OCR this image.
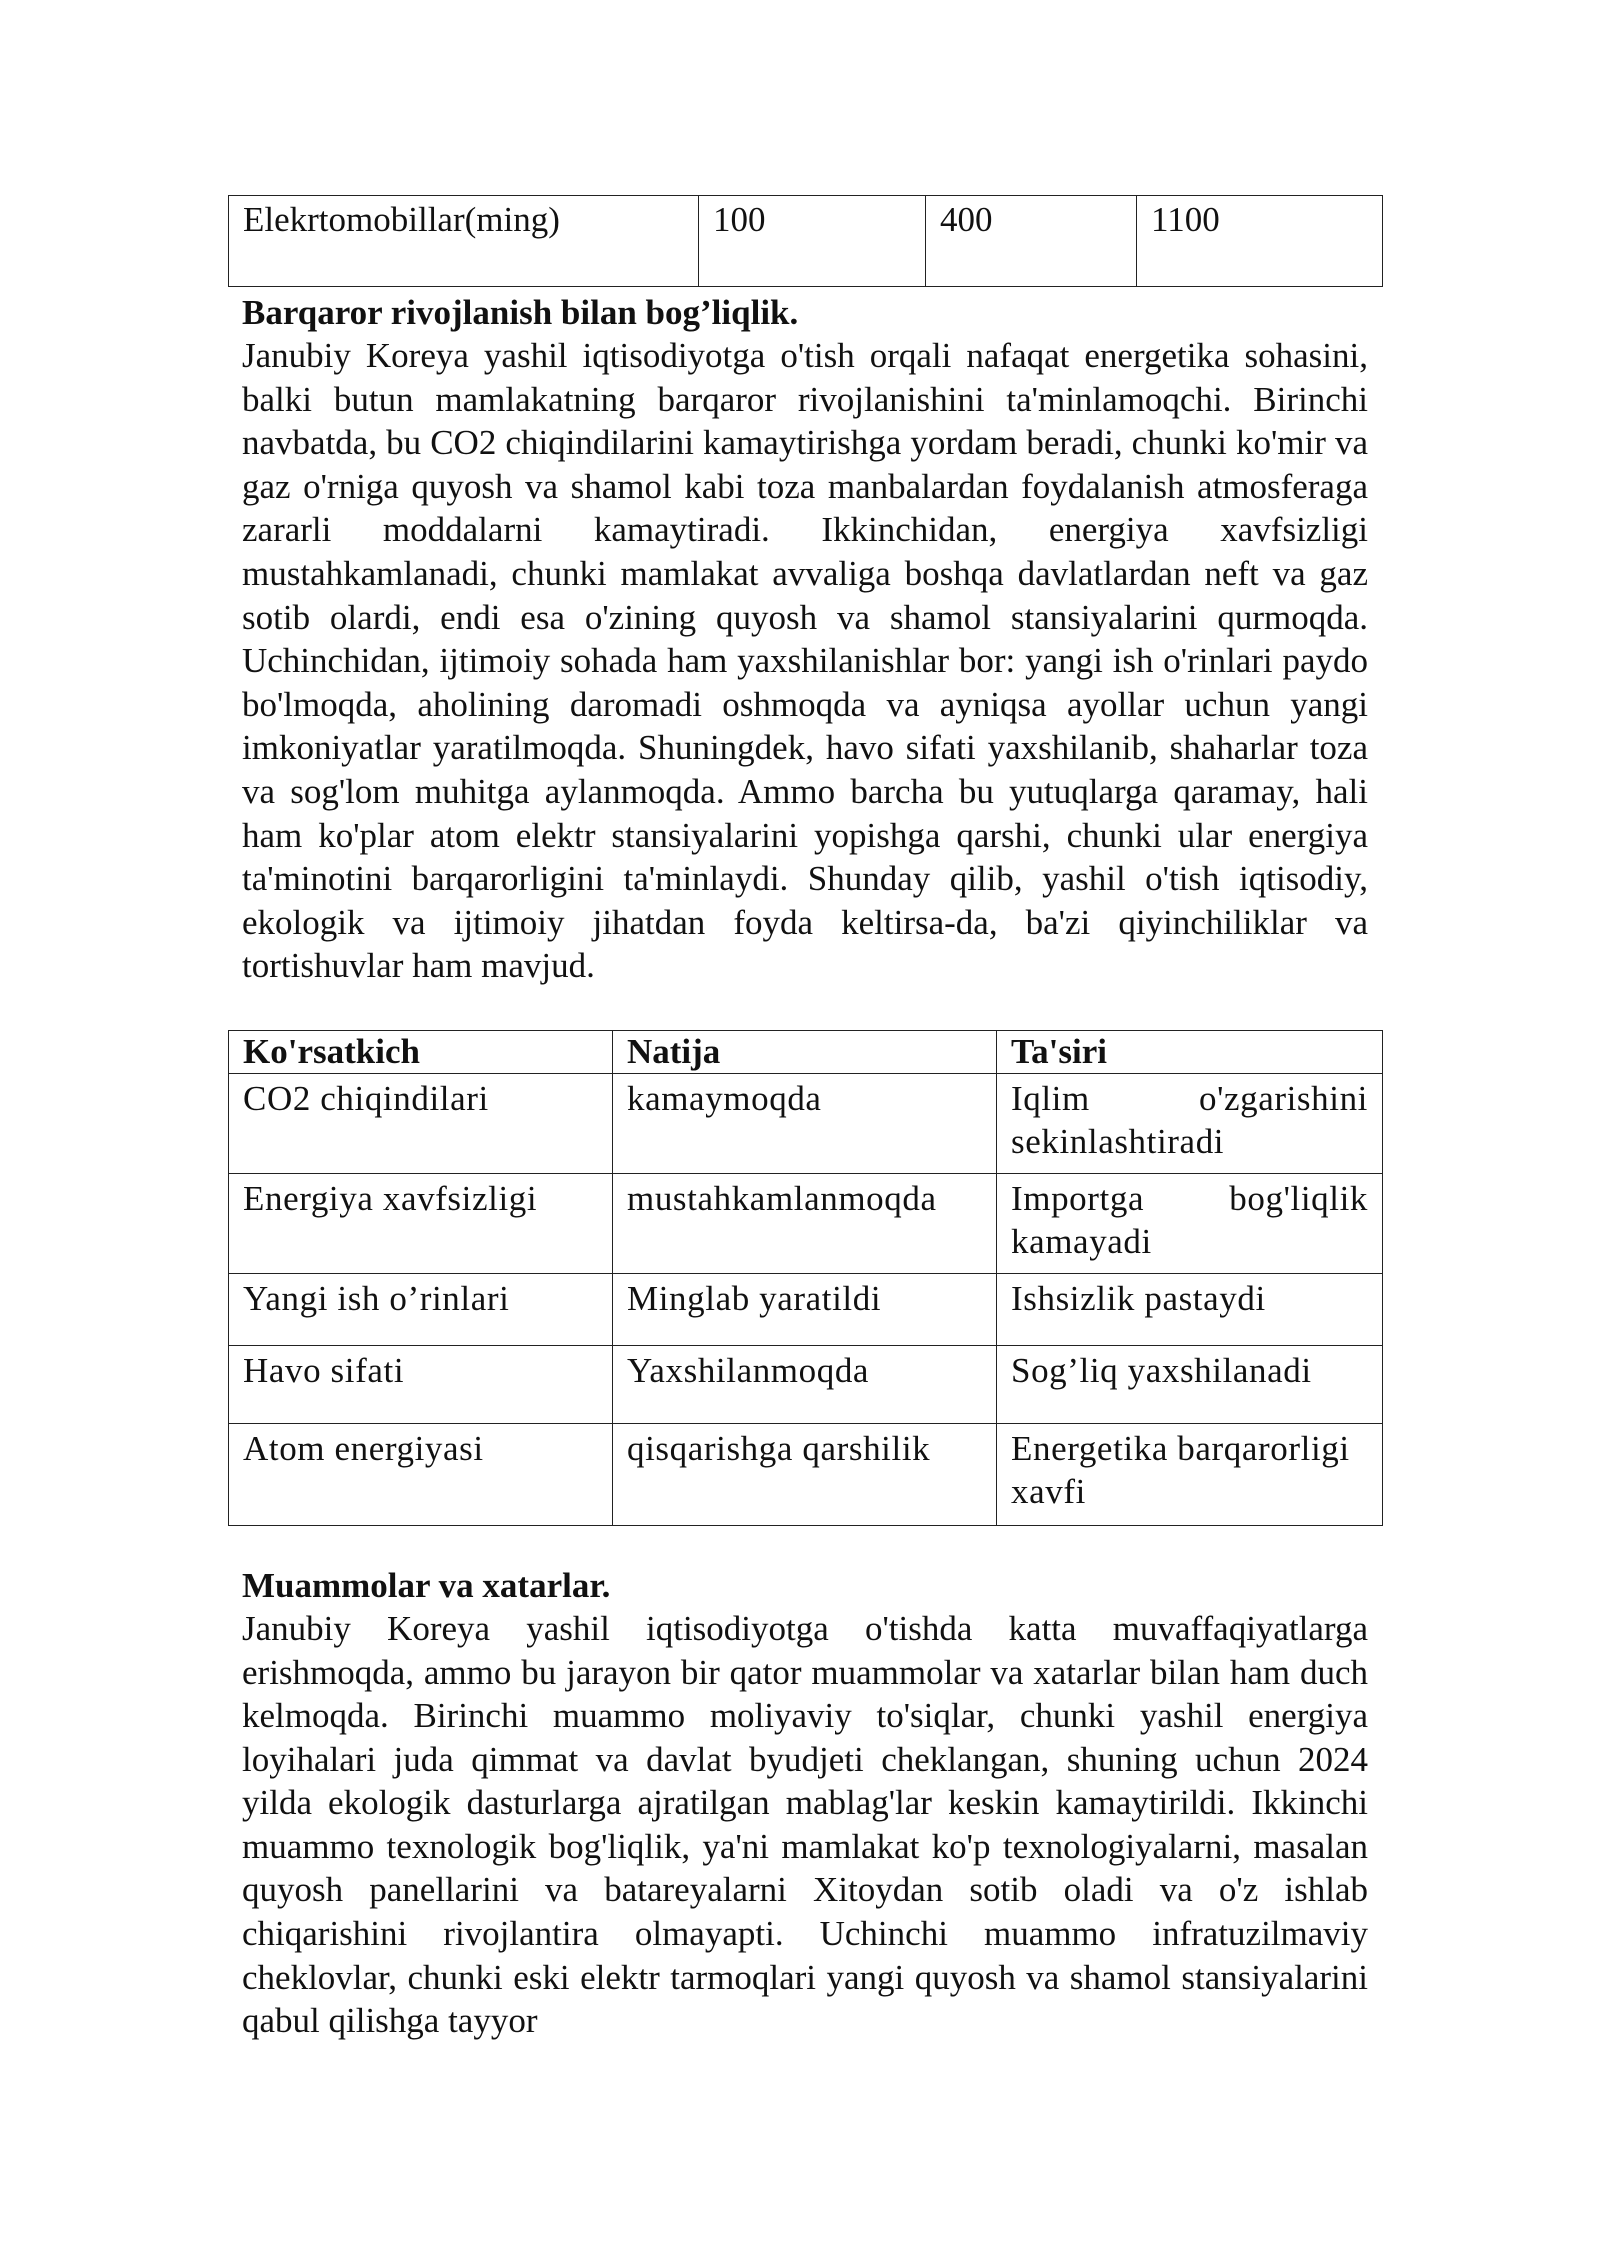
Elekrtomobillar(ming)	100	400	1100
Barqaror rivojlanish bilan bog’liqlik.

Janubiy Koreya yashil iqtisodiyotga o'tish orqali nafaqat energetika sohasini, balki butun mamlakatning barqaror rivojlanishini ta'minlamoqchi. Birinchi navbatda, bu CO2 chiqindilarini kamaytirishga yordam beradi, chunki ko'mir va gaz o'rniga quyosh va shamol kabi toza manbalardan foydalanish atmosferaga zararli moddalarni kamaytiradi. Ikkinchidan, energiya xavfsizligi mustahkamlanadi, chunki mamlakat avvaliga boshqa davlatlardan neft va gaz sotib olardi, endi esa o'zining quyosh va shamol stansiyalarini qurmoqda. Uchinchidan, ijtimoiy sohada ham yaxshilanishlar bor: yangi ish o'rinlari paydo bo'lmoqda, aholining daromadi oshmoqda va ayniqsa ayollar uchun yangi imkoniyatlar yaratilmoqda. Shuningdek, havo sifati yaxshilanib, shaharlar toza va sog'lom muhitga aylanmoqda. Ammo barcha bu yutuqlarga qaramay, hali ham ko'plar atom elektr stansiyalarini yopishga qarshi, chunki ular energiya ta'minotini barqarorligini ta'minlaydi. Shunday qilib, yashil o'tish iqtisodiy, ekologik va ijtimoiy jihatdan foyda keltirsa-da, ba'zi qiyinchiliklar va tortishuvlar ham mavjud.

Ko'rsatkich	Natija	Ta'siri
CO2 chiqindilari	kamaymoqda	Iqlim o'zgarishini sekinlashtiradi
Energiya xavfsizligi	mustahkamlanmoqda	Importga bog'liqlik kamayadi
Yangi ish o’rinlari	Minglab yaratildi	Ishsizlik pastaydi
Havo sifati	Yaxshilanmoqda	Sog’liq yaxshilanadi
Atom energiyasi	qisqarishga qarshilik	Energetika barqarorligi xavfi
Muammolar va xatarlar.

Janubiy Koreya yashil iqtisodiyotga o'tishda katta muvaffaqiyatlarga erishmoqda, ammo bu jarayon bir qator muammolar va xatarlar bilan ham duch kelmoqda. Birinchi muammo moliyaviy to'siqlar, chunki yashil energiya loyihalari juda qimmat va davlat byudjeti cheklangan, shuning uchun 2024 yilda ekologik dasturlarga ajratilgan mablag'lar keskin kamaytirildi. Ikkinchi muammo texnologik bog'liqlik, ya'ni mamlakat ko'p texnologiyalarni, masalan quyosh panellarini va batareyalarni Xitoydan sotib oladi va o'z ishlab chiqarishini rivojlantira olmayapti. Uchinchi muammo infratuzilmaviy cheklovlar, chunki eski elektr tarmoqlari yangi quyosh va shamol stansiyalarini qabul qilishga tayyor
